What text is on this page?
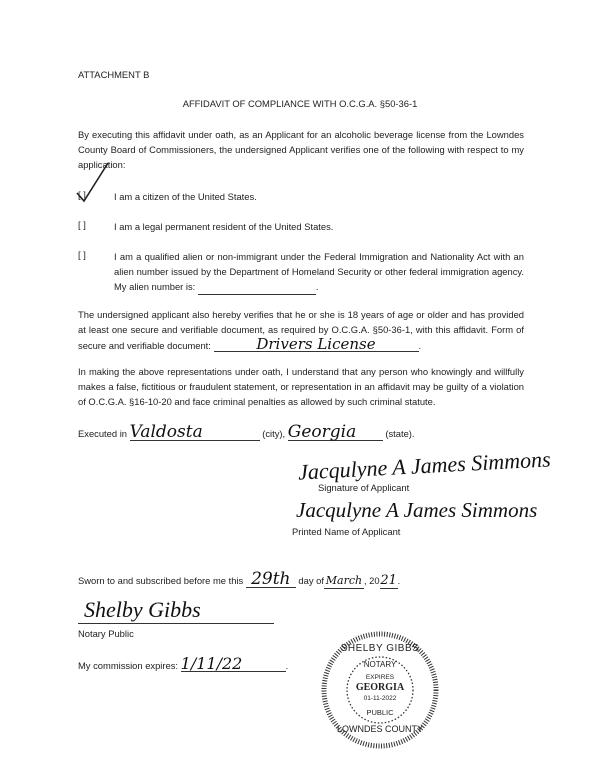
ATTACHMENT B
AFFIDAVIT OF COMPLIANCE WITH O.C.G.A. §50-36-1
By executing this affidavit under oath, as an Applicant for an alcoholic beverage license from the Lowndes County Board of Commissioners, the undersigned Applicant verifies one of the following with respect to my application:
[ ]	I am a citizen of the United States.
[ ]	I am a legal permanent resident of the United States.
[ ]	I am a qualified alien or non-immigrant under the Federal Immigration and Nationality Act with an alien number issued by the Department of Homeland Security or other federal immigration agency. My alien number is:	.
The undersigned applicant also hereby verifies that he or she is 18 years of age or older and has provided at least one secure and verifiable document, as required by O.C.G.A. §50-36-1, with this affidavit. Form of secure and verifiable document:	Drivers License	.
In making the above representations under oath, I understand that any person who knowingly and willfully makes a false, fictitious or fraudulent statement, or representation in an affidavit may be guilty of a violation of O.C.G.A. §16-10-20 and face criminal penalties as allowed by such criminal statute.
Executed in Valdosta	(city), Georgia	(state).
Jacqulyne A James Simmons
Signature of Applicant
Jacqulyne A James Simmons
Printed Name of Applicant
Sworn to and subscribed before me this 29th day of March , 2021.
Shelby Gibbs
Notary Public
My commission expires: 1/11/22	.
SHELBY GIBBS
NOTARY
EXPIRES
GEORGIA
01-11-2022
PUBLIC
LOWNDES COUNTY
